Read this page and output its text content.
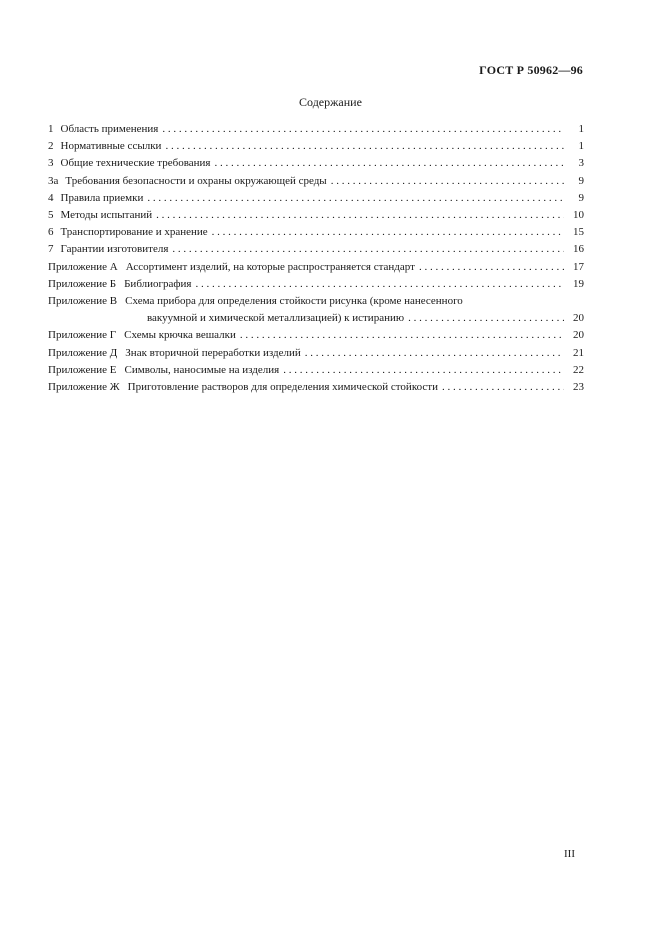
ГОСТ Р 50962—96
Содержание
1 Область применения . . .	1
2 Нормативные ссылки . . .	1
3 Общие технические требования . . .	3
3а Требования безопасности и охраны окружающей среды . . .	9
4 Правила приемки . . .	9
5 Методы испытаний . . .	10
6 Транспортирование и хранение . . .	15
7 Гарантии изготовителя . . .	16
Приложение А Ассортимент изделий, на которые распространяется стандарт . . .	17
Приложение Б Библиография . . .	19
Приложение В Схема прибора для определения стойкости рисунка (кроме нанесенного
вакуумной и химической металлизацией) к истиранию . . .	20
Приложение Г Схемы крючка вешалки . . .	20
Приложение Д Знак вторичной переработки изделий . . .	21
Приложение Е Символы, наносимые на изделия . . .	22
Приложение Ж Приготовление растворов для определения химической стойкости . . .	23
III
